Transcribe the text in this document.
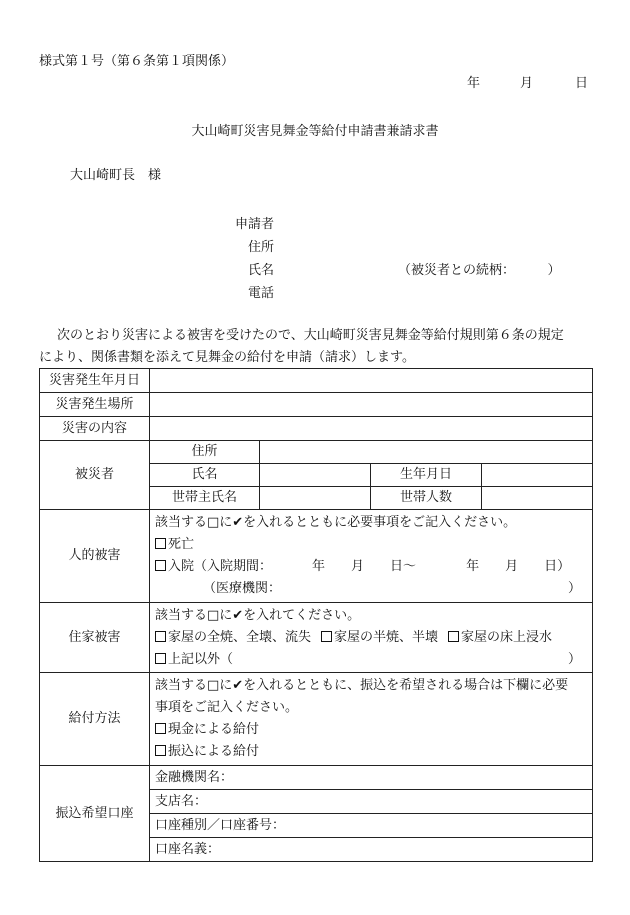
様式第１号（第６条第１項関係）
年	月	日
大山崎町災害見舞金等給付申請書兼請求書
大山崎町長　様
申請者
住所
氏名	（被災者との続柄：　　　）
電話
次のとおり災害による被害を受けたので、大山崎町災害見舞金等給付規則第６条の規定
により、関係書類を添えて見舞金の給付を申請（請求）します。
災害発生年月日				
災害発生場所				
災害の内容				
被災者	住所			
	氏名		生年月日	
	世帯主氏名		世帯人数	
人的被害	該当する□に✔を入れるとともに必要事項をご記入ください。
死亡
入院（入院期間： 年 月 日〜 年 月 日）
（医療機関： ）			

住家被害	該当する□に✔を入れてください。
家屋の全焼、全壊、流失 家屋の半焼、半壊 家屋の床上浸水
上記以外（ ）			

給付方法	該当する□に✔を入れるとともに、振込を希望される場合は下欄に必要
事項をご記入ください。
現金による給付
振込による給付			

振込希望口座	金融機関名：			
	支店名：			
	口座種別／口座番号：			
	口座名義：			
